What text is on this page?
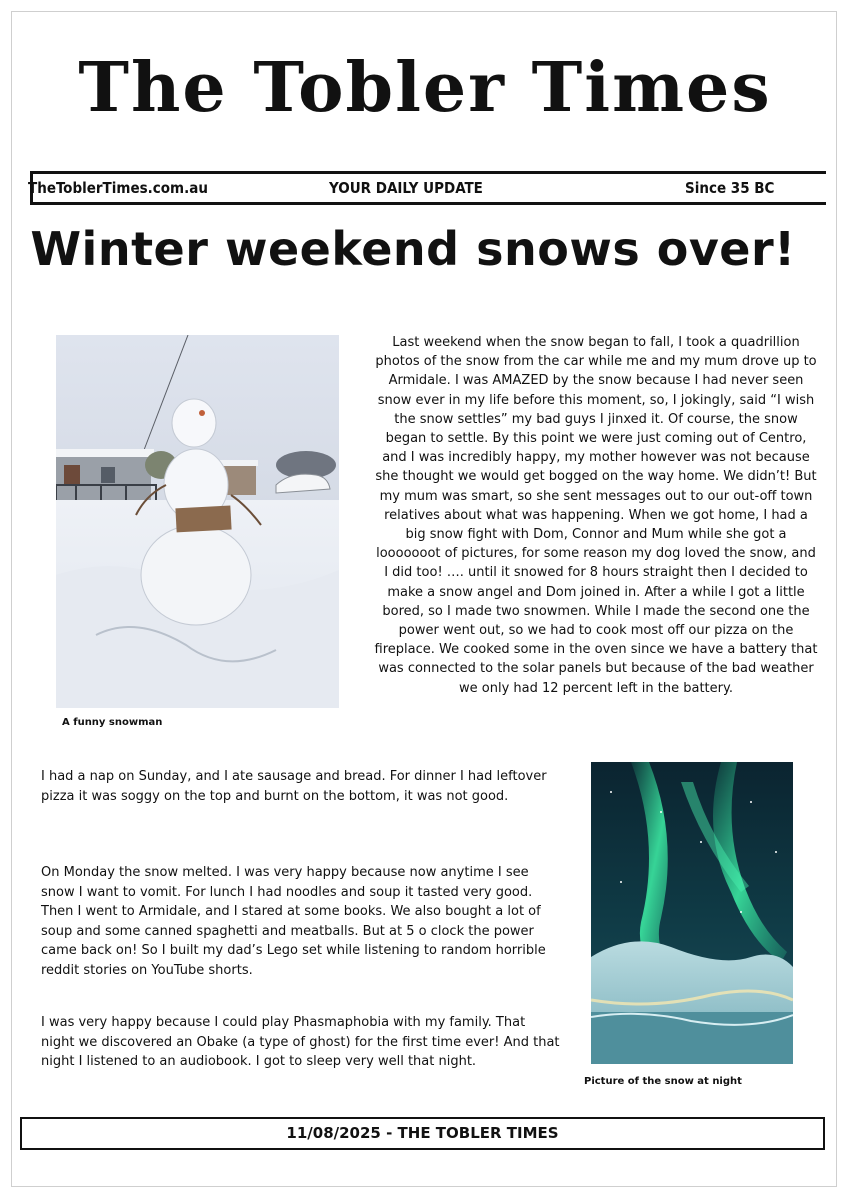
The Tobler Times
TheToblerTimes.com.au	YOUR DAILY UPDATE	Since 35 BC
Winter weekend snows over!
A funny snowman

Last weekend when the snow began to fall, I took a quadrillion photos of the snow from the car while me and my mum drove up to Armidale. I was AMAZED by the snow because I had never seen snow ever in my life before this moment, so, I jokingly, said “I wish the snow settles” my bad guys I jinxed it. Of course, the snow began to settle. By this point we were just coming out of Centro, and I was incredibly happy, my mother however was not because she thought we would get bogged on the way home. We didn’t! But my mum was smart, so she sent messages out to our out-off town relatives about what was happening. When we got home, I had a big snow fight with Dom, Connor and Mum while she got a looooooot of pictures, for some reason my dog loved the snow, and I did too! …. until it snowed for 8 hours straight then I decided to make a snow angel and Dom joined in. After a while I got a little bored, so I made two snowmen. While I made the second one the power went out, so we had to cook most off our pizza on the fireplace. We cooked some in the oven since we have a battery that was connected to the solar panels but because of the bad weather we only had 12 percent left in the battery.

I had a nap on Sunday, and I ate sausage and bread. For dinner I had leftover pizza it was soggy on the top and burnt on the bottom, it was not good.

On Monday the snow melted. I was very happy because now anytime I see snow I want to vomit. For lunch I had noodles and soup it tasted very good. Then I went to Armidale, and I stared at some books. We also bought a lot of soup and some canned spaghetti and meatballs. But at 5 o clock the power came back on! So I built my dad’s Lego set while listening to random horrible reddit stories on YouTube shorts.

I was very happy because I could play Phasmaphobia with my family. That night we discovered an Obake (a type of ghost) for the first time ever! And that night I listened to an audiobook. I got to sleep very well that night.

Picture of the snow at night
11/08/2025 - THE TOBLER TIMES
